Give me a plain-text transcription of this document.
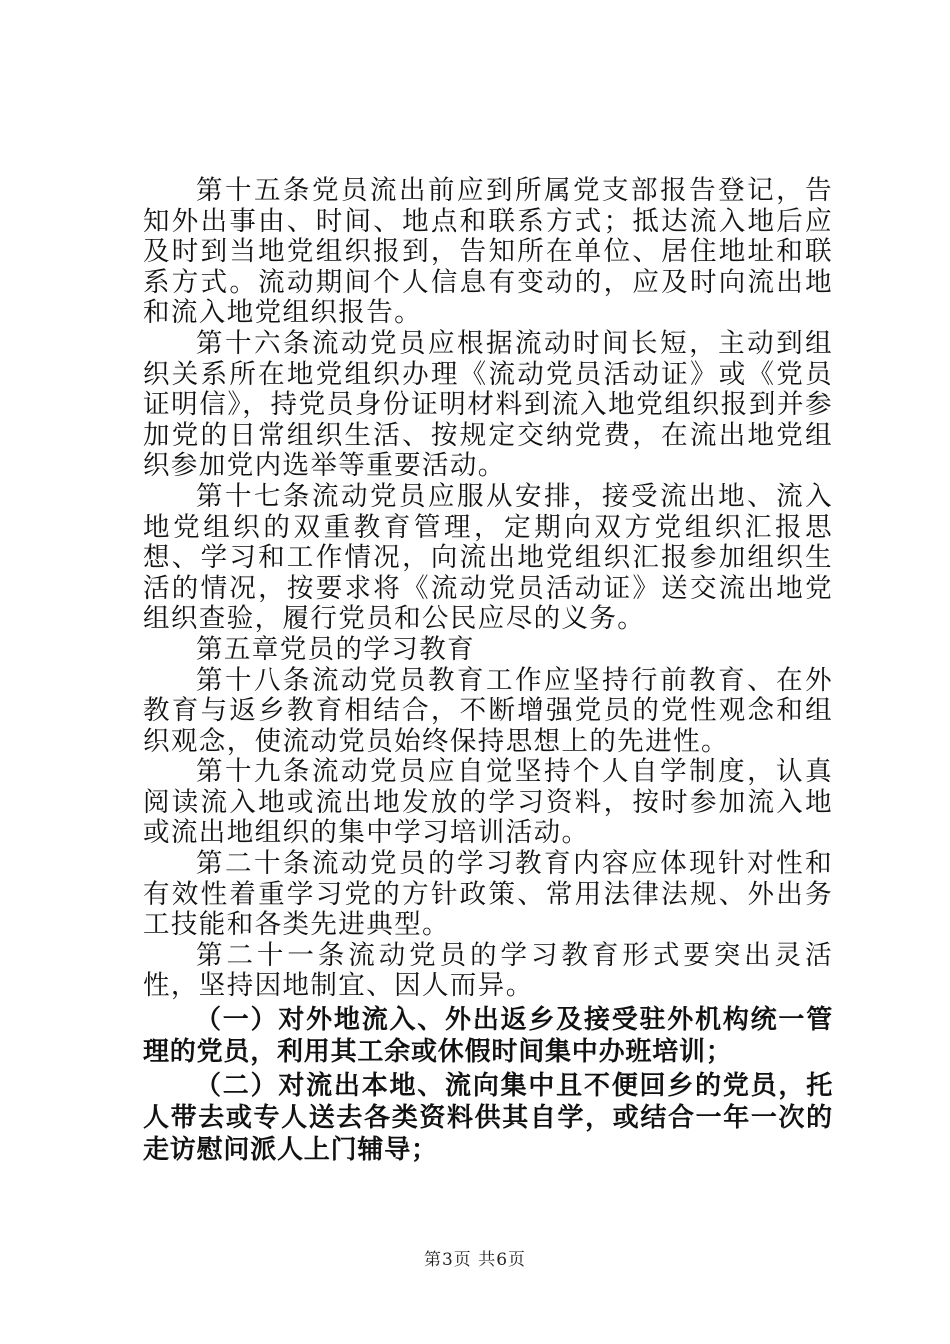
第十五条党员流出前应到所属党支部报告登记，告知外出事由、时间、地点和联系方式；抵达流入地后应及时到当地党组织报到，告知所在单位、居住地址和联系方式。流动期间个人信息有变动的，应及时向流出地和流入地党组织报告。

第十六条流动党员应根据流动时间长短，主动到组织关系所在地党组织办理《流动党员活动证》或《党员证明信》，持党员身份证明材料到流入地党组织报到并参加党的日常组织生活、按规定交纳党费，在流出地党组织参加党内选举等重要活动。

第十七条流动党员应服从安排，接受流出地、流入地党组织的双重教育管理，定期向双方党组织汇报思想、学习和工作情况，向流出地党组织汇报参加组织生活的情况，按要求将《流动党员活动证》送交流出地党组织查验，履行党员和公民应尽的义务。

第五章党员的学习教育

第十八条流动党员教育工作应坚持行前教育、在外教育与返乡教育相结合，不断增强党员的党性观念和组织观念，使流动党员始终保持思想上的先进性。

第十九条流动党员应自觉坚持个人自学制度，认真阅读流入地或流出地发放的学习资料，按时参加流入地或流出地组织的集中学习培训活动。

第二十条流动党员的学习教育内容应体现针对性和有效性着重学习党的方针政策、常用法律法规、外出务工技能和各类先进典型。

第二十一条流动党员的学习教育形式要突出灵活性，坚持因地制宜、因人而异。

（一）对外地流入、外出返乡及接受驻外机构统一管理的党员，利用其工余或休假时间集中办班培训；

（二）对流出本地、流向集中且不便回乡的党员，托人带去或专人送去各类资料供其自学，或结合一年一次的走访慰问派人上门辅导；

第3页 共6页
